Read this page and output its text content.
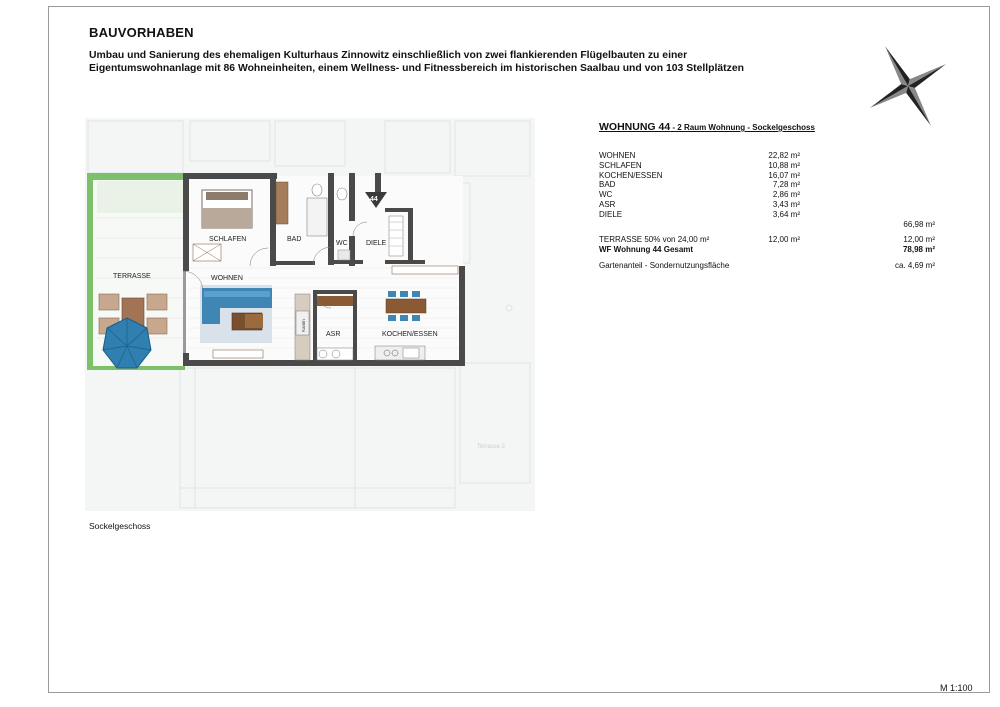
BAUVORHABEN
Umbau und Sanierung des ehemaligen Kulturhaus Zinnowitz einschließlich von zwei flankierenden Flügelbauten zu einer Eigentumswohnanlage mit 86 Wohneinheiten, einem Wellness- und Fitnessbereich im historischen Saalbau und von 103 Stellplätzen
Terrasse 2
TERRASSE
SCHLAFEN	BAD
WC	DIELE
44
WOHNEN
Kamin
ASR	KOCHEN/ESSEN
WOHNUNG 44 - 2 Raum Wohnung - Sockelgeschoss
WOHNEN	22,82 m²
SCHLAFEN	10,88 m²
KOCHEN/ESSEN	16,07 m²
BAD	7,28 m²
WC	2,86 m²
ASR	3,43 m²
DIELE	3,64 m²
66,98 m²
TERRASSE 50% von 24,00 m²	12,00 m²	12,00 m²
WF Wohnung 44 Gesamt	78,98 m²
Gartenanteil - Sondernutzungsfläche	ca. 4,69 m²
Sockelgeschoss
M 1:100
